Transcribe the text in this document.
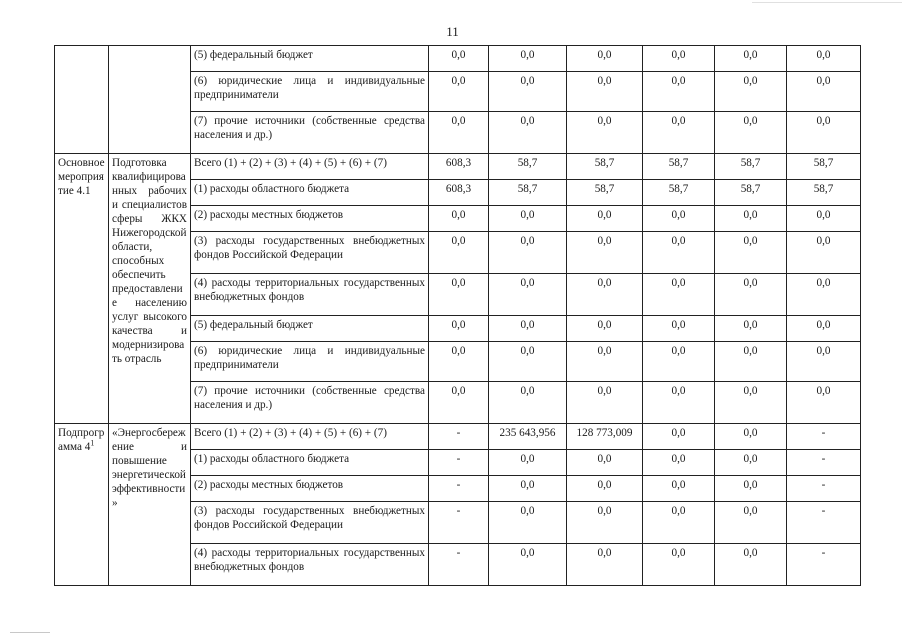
11
		(5) федеральный бюджет	0,0	0,0	0,0	0,0	0,0	0,0
		(6) юридические лица и индивидуальные предприниматели	0,0	0,0	0,0	0,0	0,0	0,0
		(7) прочие источники (собственные средства населения и др.)	0,0	0,0	0,0	0,0	0,0	0,0
Основное мероприятие 4.1	Подготовка квалифицированных рабочих и специалистов сферы ЖКХ Нижегородской области, способных обеспечить предоставление населению услуг высокого качества и модернизировать отрасль	Всего (1) + (2) + (3) + (4) + (5) + (6) + (7)	608,3	58,7	58,7	58,7	58,7	58,7
		(1) расходы областного бюджета	608,3	58,7	58,7	58,7	58,7	58,7
		(2) расходы местных бюджетов	0,0	0,0	0,0	0,0	0,0	0,0
		(3) расходы государственных внебюджетных фондов Российской Федерации	0,0	0,0	0,0	0,0	0,0	0,0
		(4) расходы территориальных государственных внебюджетных фондов	0,0	0,0	0,0	0,0	0,0	0,0
		(5) федеральный бюджет	0,0	0,0	0,0	0,0	0,0	0,0
		(6) юридические лица и индивидуальные предприниматели	0,0	0,0	0,0	0,0	0,0	0,0
		(7) прочие источники (собственные средства населения и др.)	0,0	0,0	0,0	0,0	0,0	0,0
Подпрограмма $4^1$	«Энергосбережение и повышение энергетической эффективности»	Всего (1) + (2) + (3) + (4) + (5) + (6) + (7)	-	235 643,956	128 773,009	0,0	0,0	-
		(1) расходы областного бюджета	-	0,0	0,0	0,0	0,0	-
		(2) расходы местных бюджетов	-	0,0	0,0	0,0	0,0	-
		(3) расходы государственных внебюджетных фондов Российской Федерации	-	0,0	0,0	0,0	0,0	-
		(4) расходы территориальных государственных внебюджетных фондов	-	0,0	0,0	0,0	0,0	-
